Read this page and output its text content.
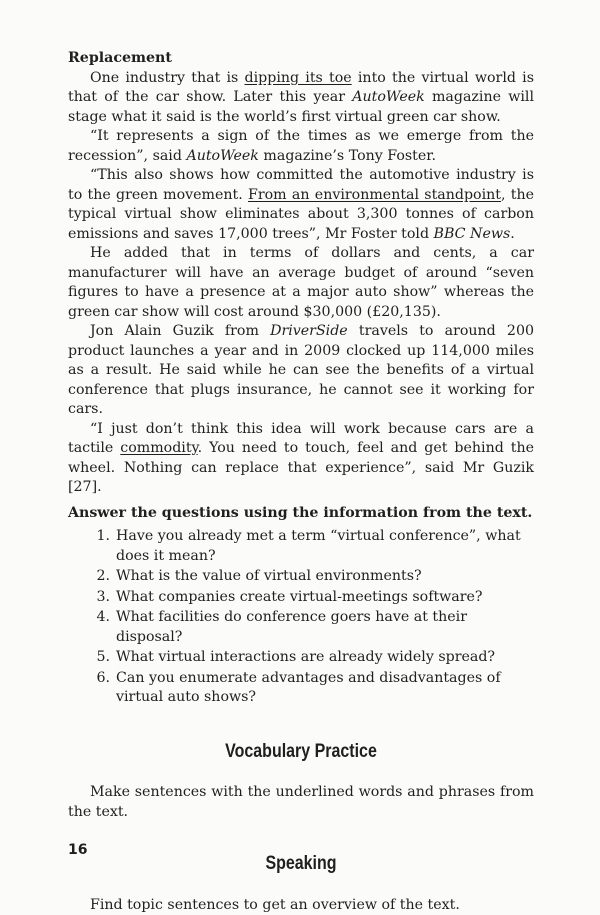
Replacement

One industry that is dipping its toe into the virtual world is that of the car show. Later this year AutoWeek magazine will stage what it said is the world’s first virtual green car show.

“It represents a sign of the times as we emerge from the recession”, said AutoWeek magazine’s Tony Foster.

“This also shows how committed the automotive industry is to the green movement. From an environmental standpoint, the typical virtual show eliminates about 3,300 tonnes of carbon emissions and saves 17,000 trees”, Mr Foster told BBC News.

He added that in terms of dollars and cents, a car manufacturer will have an average budget of around “seven figures to have a presence at a major auto show” whereas the green car show will cost around $30,000 (£20,135).

Jon Alain Guzik from DriverSide travels to around 200 product launches a year and in 2009 clocked up 114,000 miles as a result. He said while he can see the benefits of a virtual conference that plugs insurance, he cannot see it working for cars.

“I just don’t think this idea will work because cars are a tactile commodity. You need to touch, feel and get behind the wheel. Nothing can replace that experience”, said Mr Guzik [27].

Answer the questions using the information from the text.
1. Have you already met a term “virtual conference”, what does it mean?
2. What is the value of virtual environments?
3. What companies create virtual-meetings software?
4. What facilities do conference goers have at their disposal?
5. What virtual interactions are already widely spread?
6. Can you enumerate advantages and disadvantages of virtual auto shows?
Vocabulary Practice

Make sentences with the underlined words and phrases from the text.

Speaking

Find topic sentences to get an overview of the text.

16
